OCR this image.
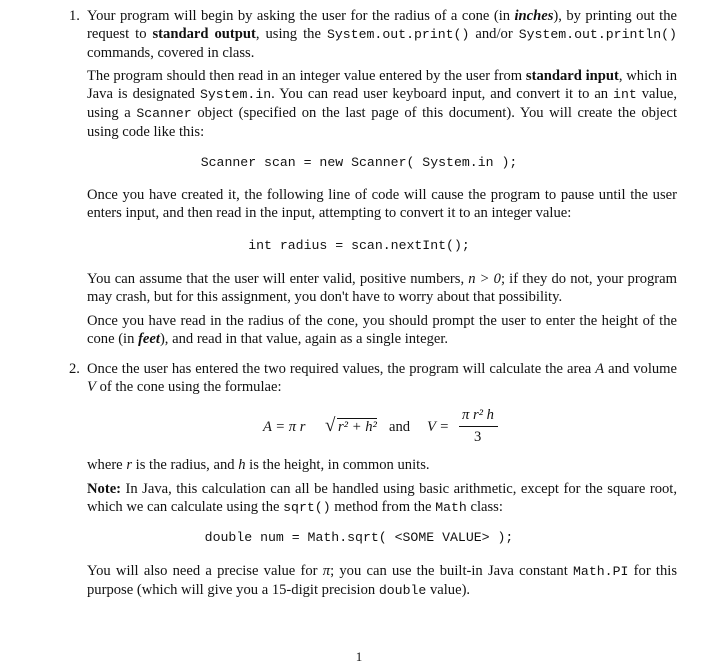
1. Your program will begin by asking the user for the radius of a cone (in inches), by printing out the request to standard output, using the System.out.print() and/or System.out.println() commands, covered in class.

The program should then read in an integer value entered by the user from standard input, which in Java is designated System.in. You can read user keyboard input, and convert it to an int value, using a Scanner object (specified on the last page of this document). You will create the object using code like this:

Scanner scan = new Scanner( System.in );

Once you have created it, the following line of code will cause the program to pause until the user enters input, and then read in the input, attempting to convert it to an integer value:

int radius = scan.nextInt();

You can assume that the user will enter valid, positive numbers, n > 0; if they do not, your program may crash, but for this assignment, you don't have to worry about that possibility.

Once you have read in the radius of the cone, you should prompt the user to enter the height of the cone (in feet), and read in that value, again as a single integer.

2. Once the user has entered the two required values, the program will calculate the area A and volume V of the cone using the formulae:

A = π r √ r² + h² and V =
π r² h
3

where r is the radius, and h is the height, in common units.

Note: In Java, this calculation can all be handled using basic arithmetic, except for the square root, which we can calculate using the sqrt() method from the Math class:

double num = Math.sqrt( <SOME VALUE> );

You will also need a precise value for π; you can use the built-in Java constant Math.PI for this purpose (which will give you a 15-digit precision double value).

1
